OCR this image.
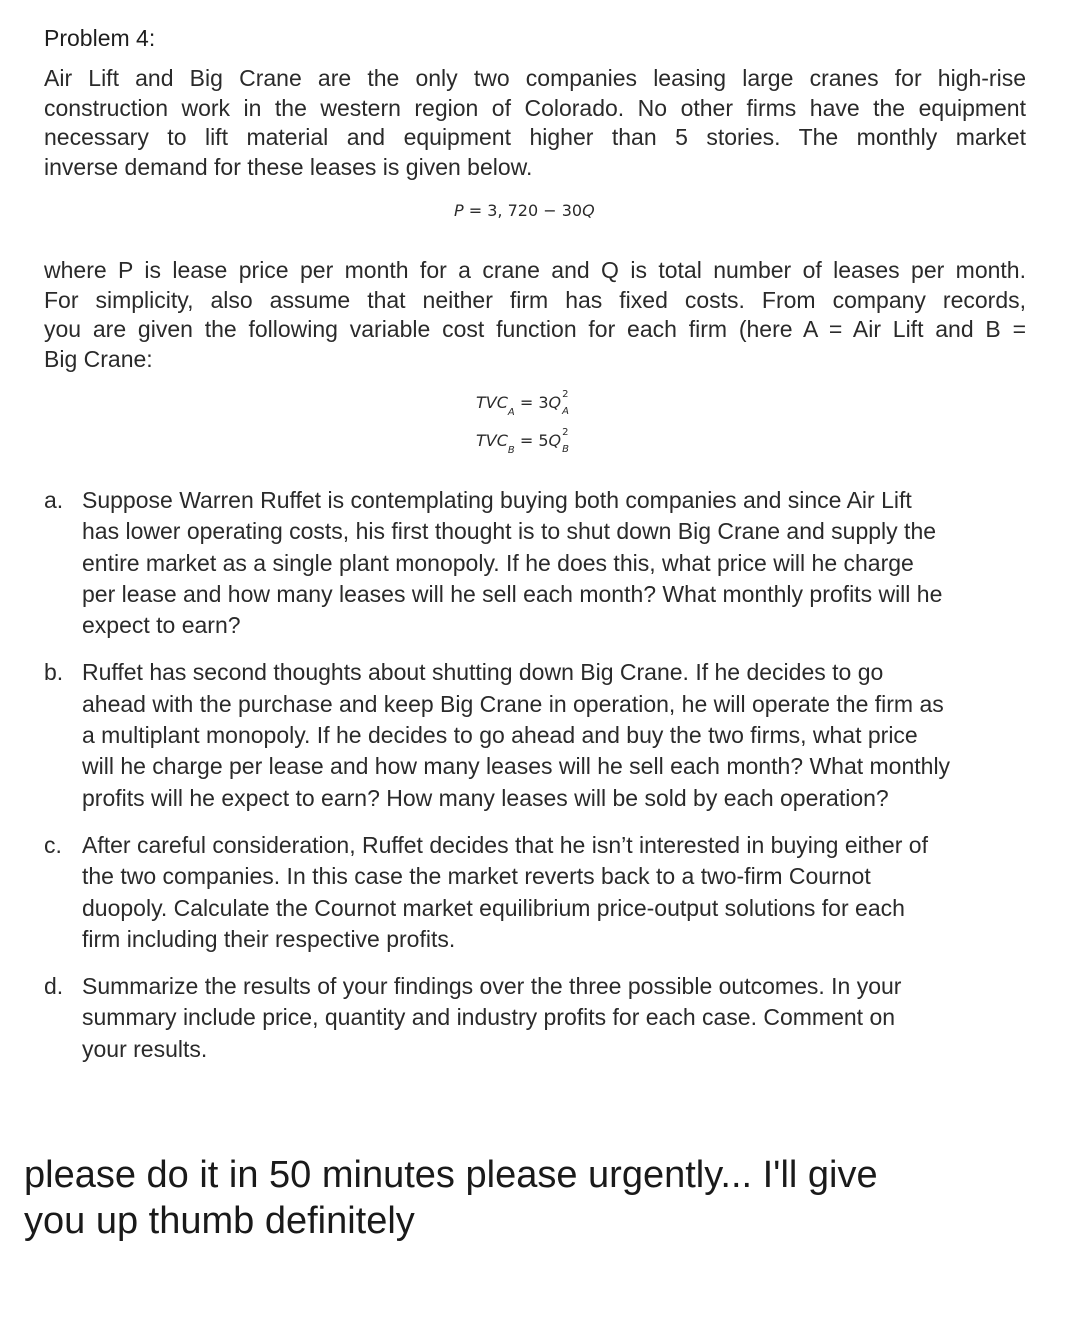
Problem 4:
Air Lift and Big Crane are the only two companies leasing large cranes for high-rise
construction work in the western region of Colorado. No other firms have the equipment
necessary to lift material and equipment higher than 5 stories. The monthly market
inverse demand for these leases is given below.
P = 3, 720 − 30Q
where P is lease price per month for a crane and Q is total number of leases per month.
For simplicity, also assume that neither firm has fixed costs. From company records,
you are given the following variable cost function for each firm (here A = Air Lift and B =
Big Crane:
$TVC_A = 3Q$ 2
A
$TVC_B = 5Q$ 2
B
a. Suppose Warren Ruffet is contemplating buying both companies and since Air Lift
has lower operating costs, his first thought is to shut down Big Crane and supply the
entire market as a single plant monopoly. If he does this, what price will he charge
per lease and how many leases will he sell each month? What monthly profits will he
expect to earn?
b. Ruffet has second thoughts about shutting down Big Crane. If he decides to go
ahead with the purchase and keep Big Crane in operation, he will operate the firm as
a multiplant monopoly. If he decides to go ahead and buy the two firms, what price
will he charge per lease and how many leases will he sell each month? What monthly
profits will he expect to earn? How many leases will be sold by each operation?
c. After careful consideration, Ruffet decides that he isn’t interested in buying either of
the two companies. In this case the market reverts back to a two-firm Cournot
duopoly. Calculate the Cournot market equilibrium price-output solutions for each
firm including their respective profits.
d. Summarize the results of your findings over the three possible outcomes. In your
summary include price, quantity and industry profits for each case. Comment on
your results.
please do it in 50 minutes please urgently... I'll give
you up thumb definitely
